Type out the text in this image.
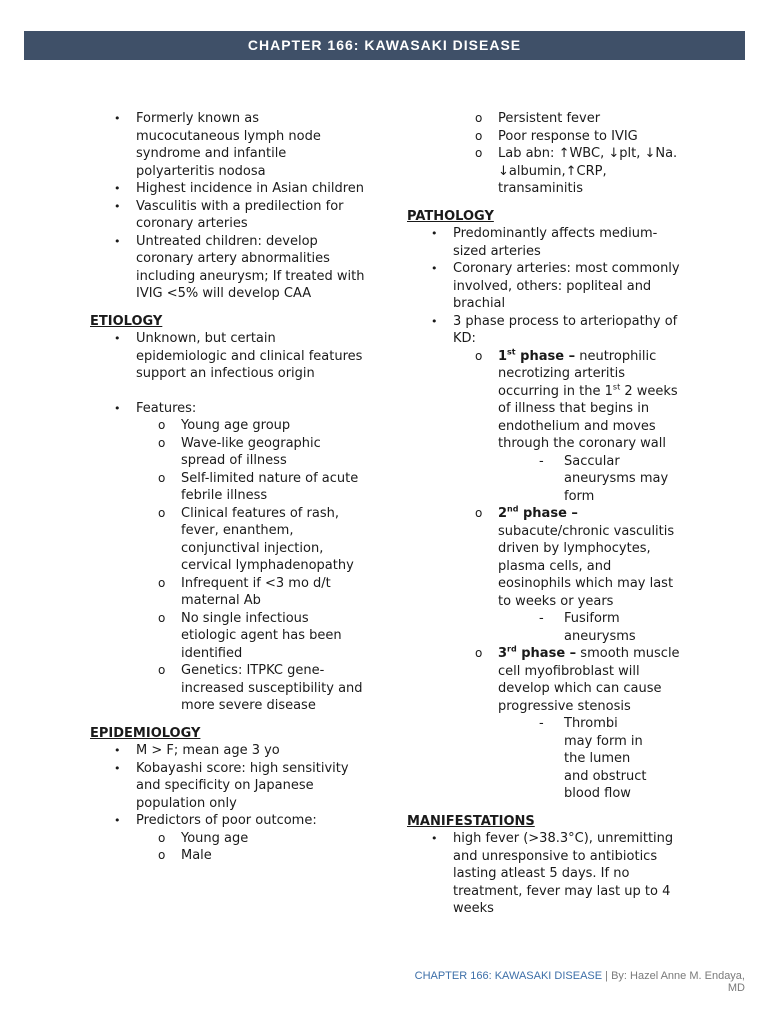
CHAPTER 166: KAWASAKI DISEASE
• Formerly known as mucocutaneous lymph node syndrome and infantile polyarteritis nodosa
• Highest incidence in Asian children
• Vasculitis with a predilection for coronary arteries
• Untreated children: develop coronary artery abnormalities including aneurysm; If treated with IVIG <5% will develop CAA
ETIOLOGY
• Unknown, but certain epidemiologic and clinical features support an infectious origin
• Features:
o Young age group
o Wave-like geographic spread of illness
o Self-limited nature of acute febrile illness
o Clinical features of rash, fever, enanthem, conjunctival injection, cervical lymphadenopathy
o Infrequent if <3 mo d/t maternal Ab
o No single infectious etiologic agent has been identified
o Genetics: ITPKC gene-increased susceptibility and more severe disease
EPIDEMIOLOGY
• M > F; mean age 3 yo
• Kobayashi score: high sensitivity and specificity on Japanese population only
• Predictors of poor outcome:
o Young age
o Male
o Persistent fever
o Poor response to IVIG
o Lab abn: ↑WBC, ↓plt, ↓Na. ↓albumin,↑CRP, transaminitis
PATHOLOGY
• Predominantly affects medium-sized arteries
• Coronary arteries: most commonly involved, others: popliteal and brachial
• 3 phase process to arteriopathy of KD:
o 1st phase – neutrophilic necrotizing arteritis occurring in the 1st 2 weeks of illness that begins in endothelium and moves through the coronary wall
- Saccular aneurysms may form
o 2nd phase – subacute/chronic vasculitis driven by lymphocytes, plasma cells, and eosinophils which may last to weeks or years
- Fusiform aneurysms
o 3rd phase – smooth muscle cell myofibroblast will develop which can cause progressive stenosis
- Thrombi may form in the lumen and obstruct blood flow
MANIFESTATIONS
• high fever (>38.3°C), unremitting and unresponsive to antibiotics lasting atleast 5 days. If no treatment, fever may last up to 4 weeks
CHAPTER 166: KAWASAKI DISEASE | By: Hazel Anne M. Endaya, MD
